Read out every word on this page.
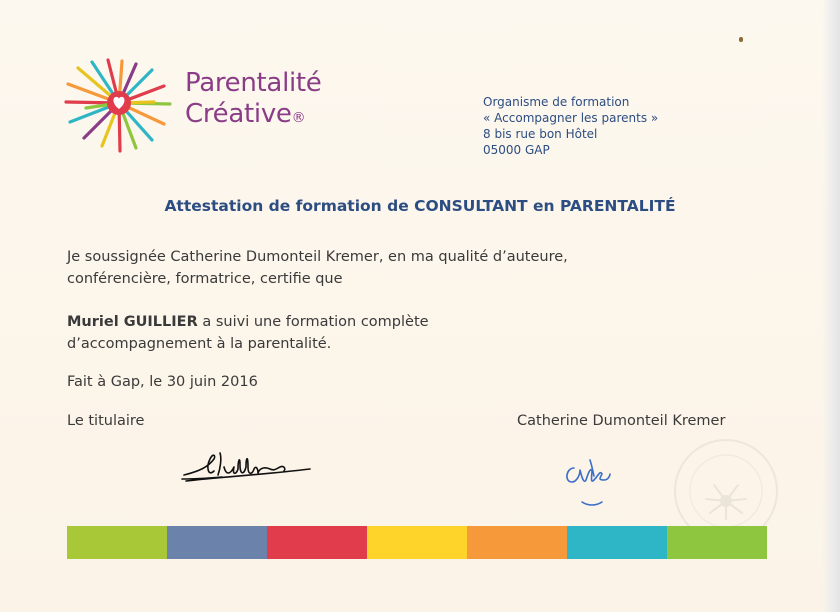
Parentalité
Créative®
Organisme de formation
« Accompagner les parents »
8 bis rue bon Hôtel
05000 GAP
Attestation de formation de CONSULTANT en PARENTALITÉ
Je soussignée Catherine Dumonteil Kremer, en ma qualité d’auteure,
conférencière, formatrice, certifie que
Muriel GUILLIER a suivi une formation complète
d’accompagnement à la parentalité.
Fait à Gap, le 30 juin 2016
Le titulaire	Catherine Dumonteil Kremer
